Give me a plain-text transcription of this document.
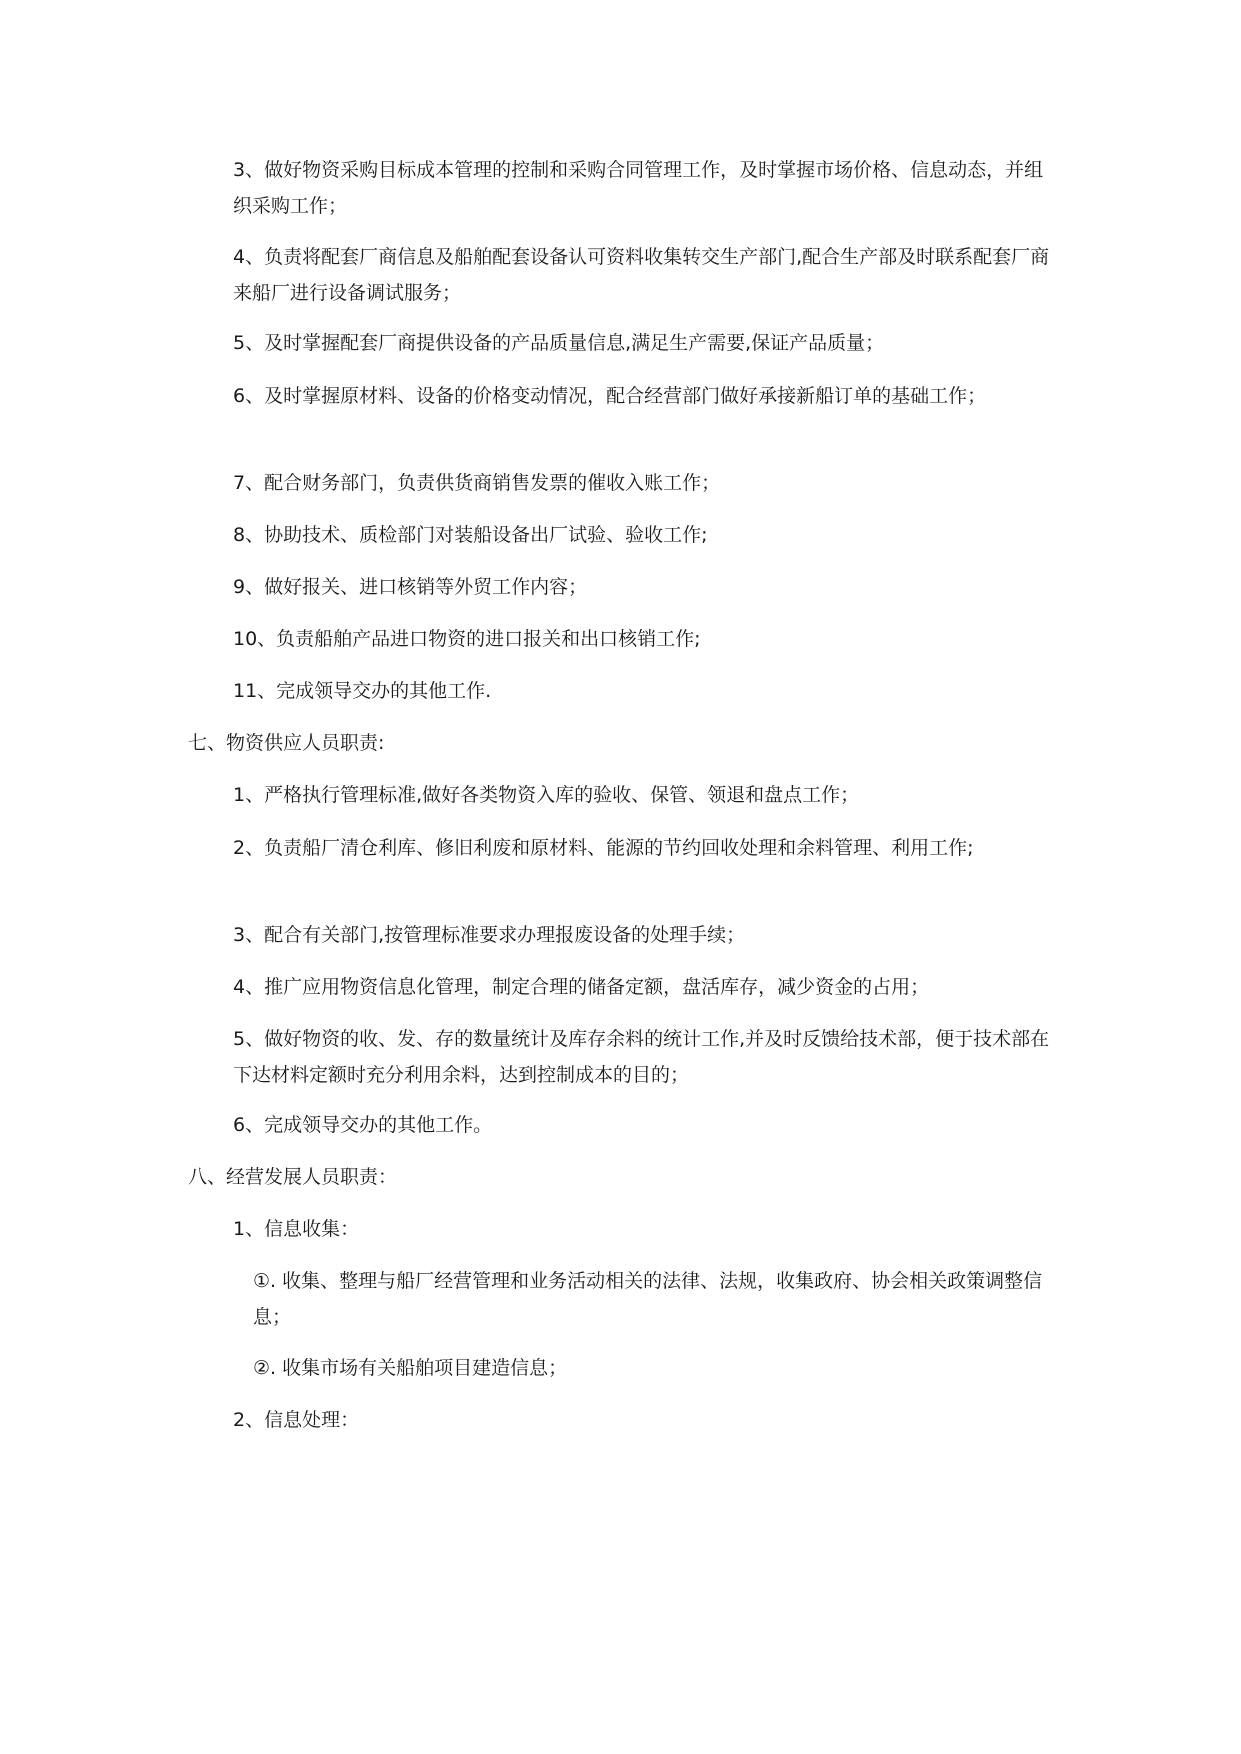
3、做好物资采购目标成本管理的控制和采购合同管理工作，及时掌握市场价格、信息动态，并组织采购工作；
4、负责将配套厂商信息及船舶配套设备认可资料收集转交生产部门,配合生产部及时联系配套厂商来船厂进行设备调试服务；
5、及时掌握配套厂商提供设备的产品质量信息,满足生产需要,保证产品质量；
6、及时掌握原材料、设备的价格变动情况，配合经营部门做好承接新船订单的基础工作；
7、配合财务部门，负责供货商销售发票的催收入账工作；
8、协助技术、质检部门对装船设备出厂试验、验收工作;
9、做好报关、进口核销等外贸工作内容；
10、负责船舶产品进口物资的进口报关和出口核销工作;
11、完成领导交办的其他工作.
七、物资供应人员职责:
1、严格执行管理标准,做好各类物资入库的验收、保管、领退和盘点工作；
2、负责船厂清仓利库、修旧利废和原材料、能源的节约回收处理和余料管理、利用工作;
3、配合有关部门,按管理标准要求办理报废设备的处理手续；
4、推广应用物资信息化管理，制定合理的储备定额，盘活库存，减少资金的占用；
5、做好物资的收、发、存的数量统计及库存余料的统计工作,并及时反馈给技术部，便于技术部在下达材料定额时充分利用余料，达到控制成本的目的；
6、完成领导交办的其他工作。
八、经营发展人员职责：
1、信息收集：
①. 收集、整理与船厂经营管理和业务活动相关的法律、法规，收集政府、协会相关政策调整信息；
②. 收集市场有关船舶项目建造信息；
2、信息处理：
